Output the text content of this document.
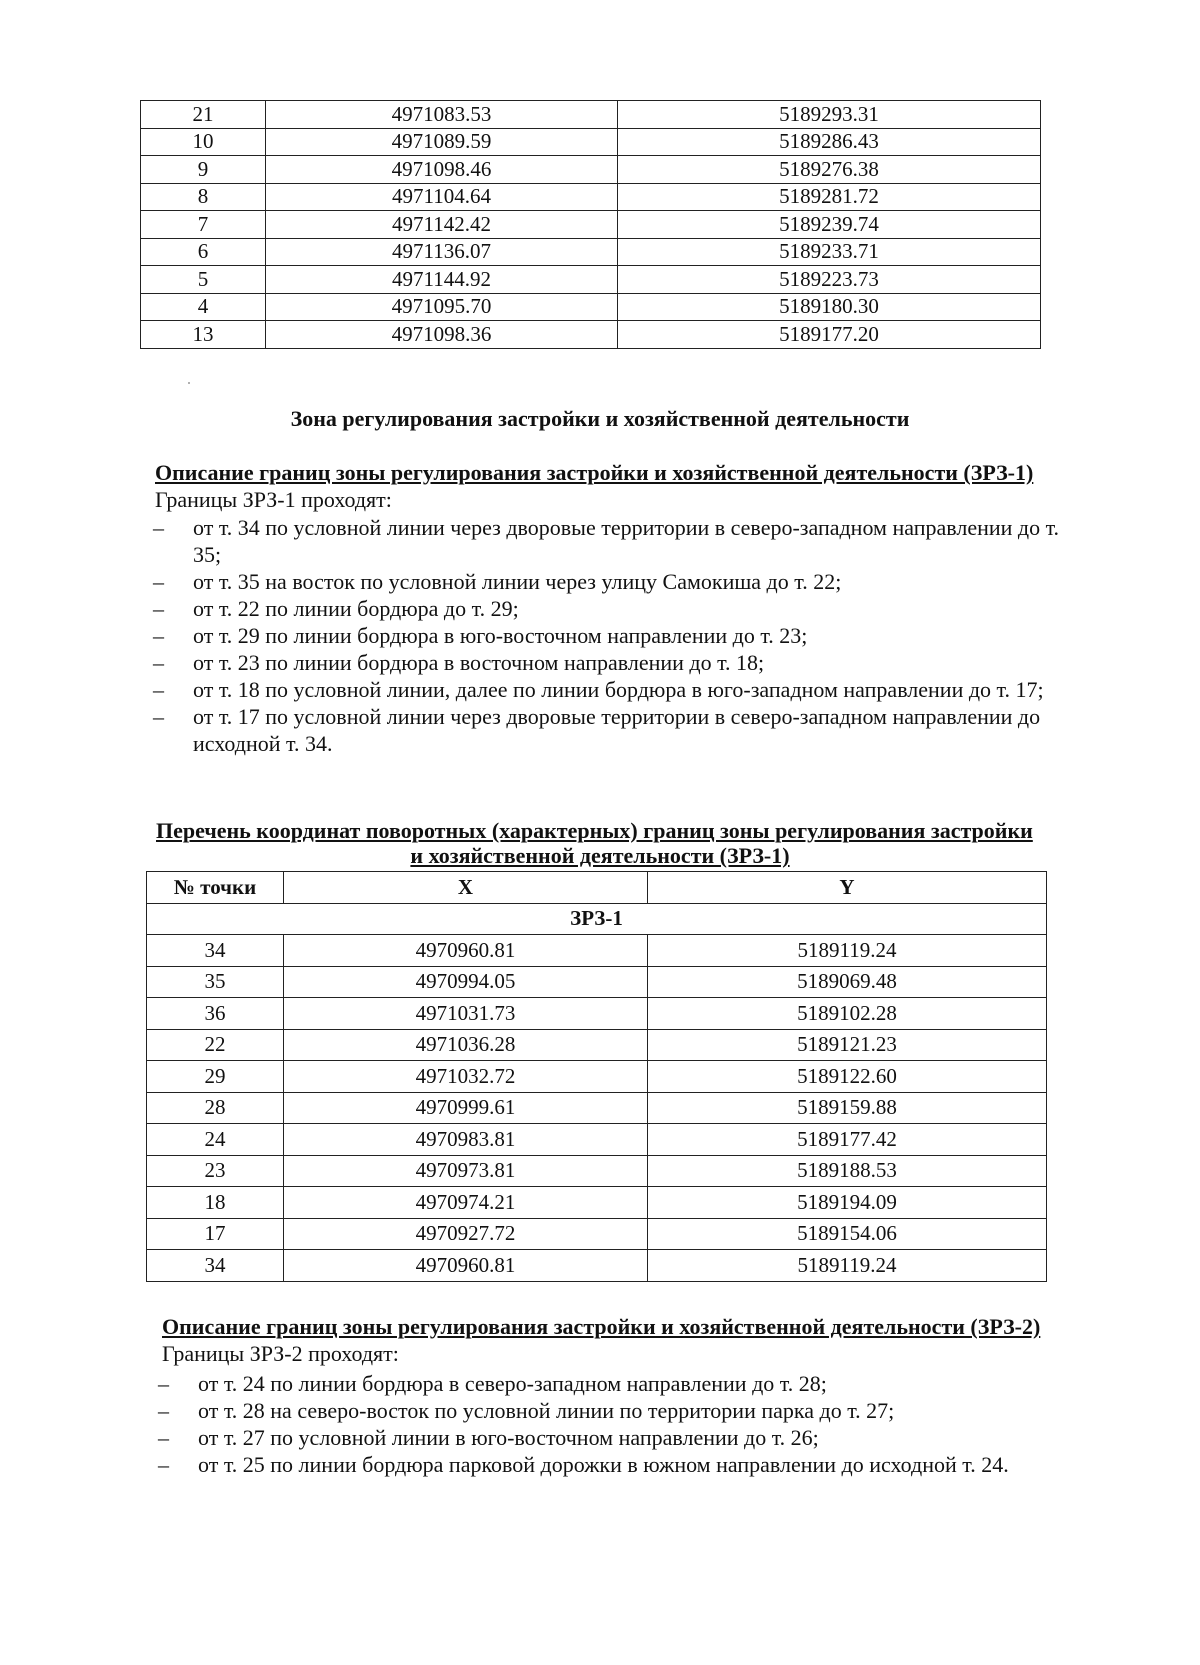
21	4971083.53	5189293.31
10	4971089.59	5189286.43
9	4971098.46	5189276.38
8	4971104.64	5189281.72
7	4971142.42	5189239.74
6	4971136.07	5189233.71
5	4971144.92	5189223.73
4	4971095.70	5189180.30
13	4971098.36	5189177.20
Зона регулирования застройки и хозяйственной деятельности
Описание границ зоны регулирования застройки и хозяйственной деятельности (ЗРЗ-1)
Границы ЗРЗ-1 проходят:
– от т. 34 по условной линии через дворовые территории в северо-западном направлении до т. 35;
– от т. 35 на восток по условной линии через улицу Самокиша до т. 22;
– от т. 22 по линии бордюра до т. 29;
– от т. 29 по линии бордюра в юго-восточном направлении до т. 23;
– от т. 23 по линии бордюра в восточном направлении до т. 18;
– от т. 18 по условной линии, далее по линии бордюра в юго-западном направлении до т. 17;
– от т. 17 по условной линии через дворовые территории в северо-западном направлении до исходной т. 34.
Перечень координат поворотных (характерных) границ зоны регулирования застройки
и хозяйственной деятельности (ЗРЗ-1)
№ точки	X	Y
ЗРЗ-1		
34	4970960.81	5189119.24
35	4970994.05	5189069.48
36	4971031.73	5189102.28
22	4971036.28	5189121.23
29	4971032.72	5189122.60
28	4970999.61	5189159.88
24	4970983.81	5189177.42
23	4970973.81	5189188.53
18	4970974.21	5189194.09
17	4970927.72	5189154.06
34	4970960.81	5189119.24
Описание границ зоны регулирования застройки и хозяйственной деятельности (ЗРЗ-2)
Границы ЗРЗ-2 проходят:
– от т. 24 по линии бордюра в северо-западном направлении до т. 28;
– от т. 28 на северо-восток по условной линии по территории парка до т. 27;
– от т. 27 по условной линии в юго-восточном направлении до т. 26;
– от т. 25 по линии бордюра парковой дорожки в южном направлении до исходной т. 24.
